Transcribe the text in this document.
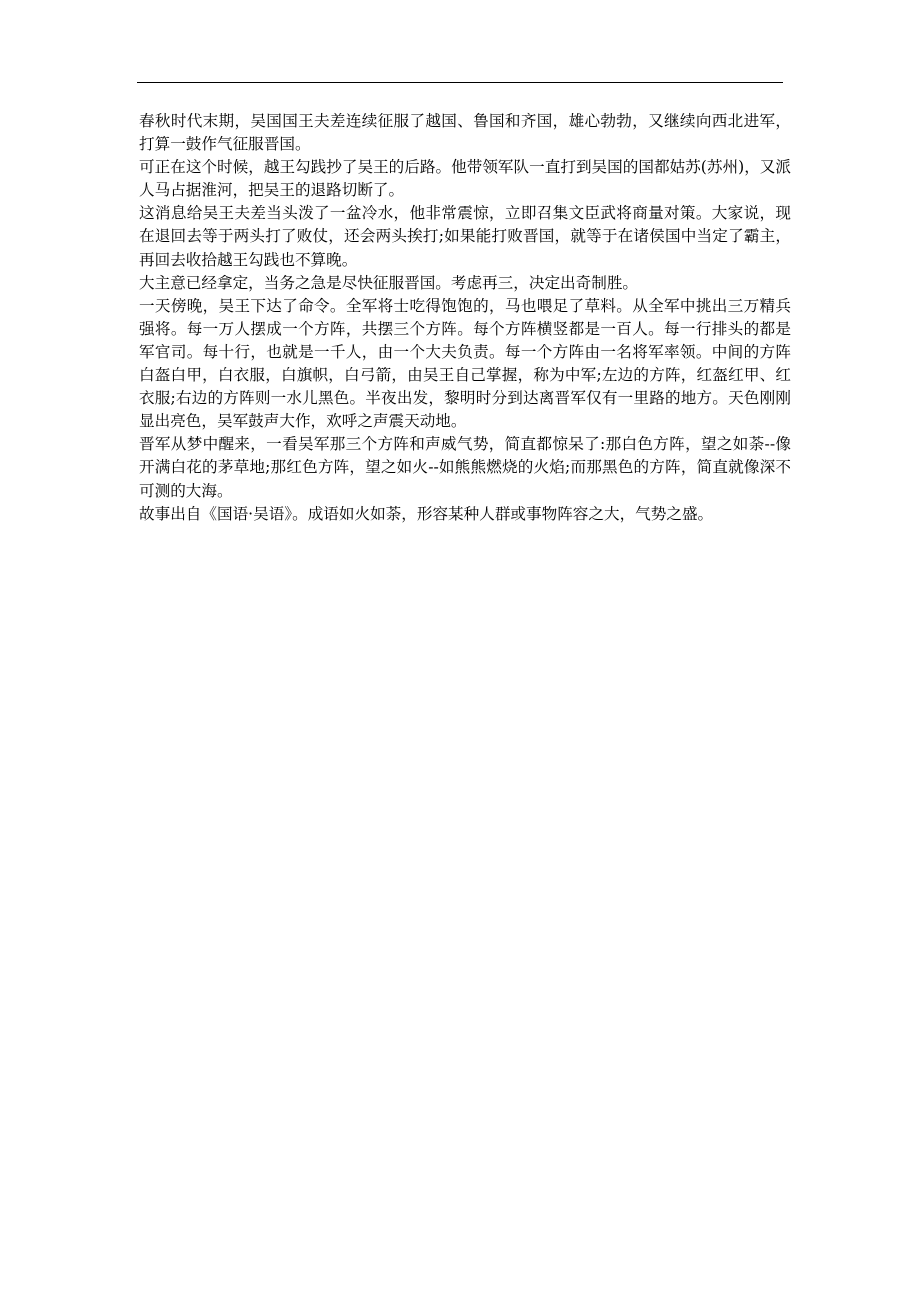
春秋时代末期，吴国国王夫差连续征服了越国、鲁国和齐国，雄心勃勃，又继续向西北进军，打算一鼓作气征服晋国。

可正在这个时候，越王勾践抄了吴王的后路。他带领军队一直打到吴国的国都姑苏(苏州)，又派人马占据淮河，把吴王的退路切断了。

这消息给吴王夫差当头泼了一盆冷水，他非常震惊，立即召集文臣武将商量对策。大家说，现在退回去等于两头打了败仗，还会两头挨打;如果能打败晋国，就等于在诸侯国中当定了霸主，再回去收拾越王勾践也不算晚。

大主意已经拿定，当务之急是尽快征服晋国。考虑再三，决定出奇制胜。

一天傍晚，吴王下达了命令。全军将士吃得饱饱的，马也喂足了草料。从全军中挑出三万精兵强将。每一万人摆成一个方阵，共摆三个方阵。每个方阵横竖都是一百人。每一行排头的都是军官司。每十行，也就是一千人，由一个大夫负责。每一个方阵由一名将军率领。中间的方阵白盔白甲，白衣服，白旗帜，白弓箭，由吴王自己掌握，称为中军;左边的方阵，红盔红甲、红衣服;右边的方阵则一水儿黑色。半夜出发，黎明时分到达离晋军仅有一里路的地方。天色刚刚显出亮色，吴军鼓声大作，欢呼之声震天动地。

晋军从梦中醒来，一看吴军那三个方阵和声威气势，简直都惊呆了:那白色方阵，望之如荼--像开满白花的茅草地;那红色方阵，望之如火--如熊熊燃烧的火焰;而那黑色的方阵，简直就像深不可测的大海。

故事出自《国语·吴语》。成语如火如荼，形容某种人群或事物阵容之大，气势之盛。
